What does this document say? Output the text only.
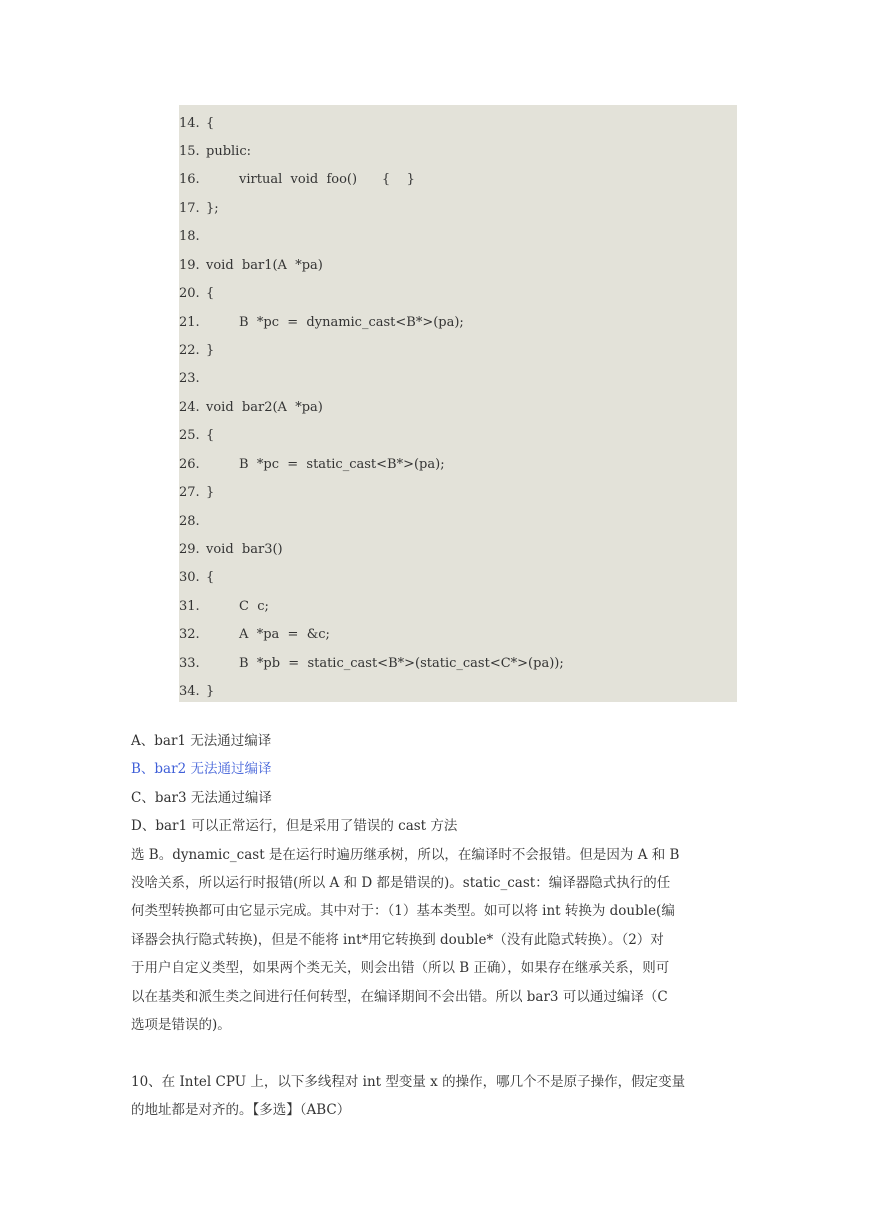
14. {
15. public:
16. virtual  void  foo()      {    }
17. };
18.
19. void  bar1(A  *pa)
20. {
21. B  *pc  =  dynamic_cast<B*>(pa);
22. }
23.
24. void  bar2(A  *pa)
25. {
26. B  *pc  =  static_cast<B*>(pa);
27. }
28.
29. void  bar3()
30. {
31. C  c;
32. A  *pa  =  &c;
33. B  *pb  =  static_cast<B*>(static_cast<C*>(pa));
34. }
A、bar1 无法通过编译
B、bar2 无法通过编译
C、bar3 无法通过编译
D、bar1 可以正常运行，但是采用了错误的 cast 方法
选 B。dynamic_cast 是在运行时遍历继承树，所以，在编译时不会报错。但是因为 A 和 B
没啥关系，所以运行时报错(所以 A 和 D 都是错误的)。static_cast：编译器隐式执行的任
何类型转换都可由它显示完成。其中对于：（1）基本类型。如可以将 int 转换为 double(编
译器会执行隐式转换)，但是不能将 int*用它转换到 double*（没有此隐式转换）。（2）对
于用户自定义类型，如果两个类无关，则会出错（所以 B 正确），如果存在继承关系，则可
以在基类和派生类之间进行任何转型，在编译期间不会出错。所以 bar3 可以通过编译（C
选项是错误的)。
10、在 Intel CPU 上，以下多线程对 int 型变量 x 的操作，哪几个不是原子操作，假定变量
的地址都是对齐的。【多选】（ABC）
